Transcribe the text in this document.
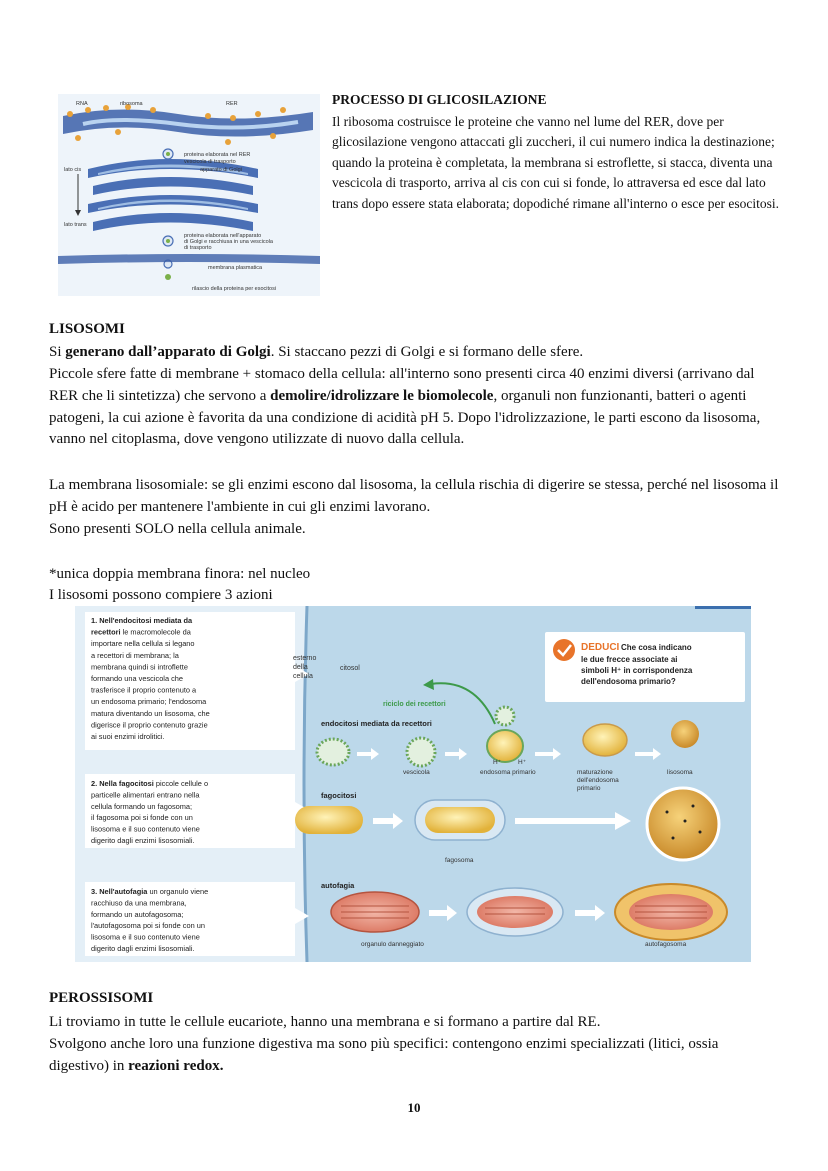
RNA	ribosoma	RER
proteina elaborata nel RER
vescicola di trasporto
apparato di Golgi
lato cis
lato trans
proteina elaborata nell'apparato
di Golgi e racchiusa in una vescicola
di trasporto
membrana plasmatica
rilascio della proteina per esocitosi
PROCESSO DI GLICOSILAZIONE
Il ribosoma costruisce le proteine che vanno nel lume del RER, dove per glicosilazione vengono attaccati gli zuccheri, il cui numero indica la destinazione; quando la proteina è completata, la membrana si estroflette, si stacca, diventa una vescicola di trasporto, arriva al cis con cui si fonde, lo attraversa ed esce dal lato trans dopo essere stata elaborata; dopodiché rimane all'interno o esce per esocitosi.
LISOSOMI
Si generano dall’apparato di Golgi. Si staccano pezzi di Golgi e si formano delle sfere.
Piccole sfere fatte di membrane + stomaco della cellula: all'interno sono presenti circa 40 enzimi diversi (arrivano dal RER che li sintetizza) che servono a demolire/idrolizzare le biomolecole, organuli non funzionanti, batteri o agenti patogeni, la cui azione è favorita da una condizione di acidità pH 5. Dopo l'idrolizzazione, le parti escono da lisosoma, vanno nel citoplasma, dove vengono utilizzate di nuovo dalla cellula.
La membrana lisosomiale: se gli enzimi escono dal lisosoma, la cellula rischia di digerire se stessa, perché nel lisosoma il pH è acido per mantenere l'ambiente in cui gli enzimi lavorano.
Sono presenti SOLO nella cellula animale.
*unica doppia membrana finora: nel nucleo
I lisosomi possono compiere 3 azioni
1. Nell'endocitosi mediata da
recettori le macromolecole da
importare nella cellula si legano
a recettori di membrana; la
membrana quindi si introflette
formando una vescicola che
trasferisce il proprio contenuto a
un endosoma primario; l'endosoma
matura diventando un lisosoma, che
digerisce il proprio contenuto grazie
ai suoi enzimi idrolitici.
2. Nella fagocitosi piccole cellule o
particelle alimentari entrano nella
cellula formando un fagosoma;
il fagosoma poi si fonde con un
lisosoma e il suo contenuto viene
digerito dagli enzimi lisosomiali.
3. Nell'autofagia un organulo viene
racchiuso da una membrana,
formando un autofagosoma;
l'autofagosoma poi si fonde con un
lisosoma e il suo contenuto viene
digerito dagli enzimi lisosomiali.
DEDUCI Che cosa indicano
le due frecce associate ai
simboli H⁺ in corrispondenza
dell'endosoma primario?
esterno
della
cellula
citosol
riciclo dei recettori
endocitosi mediata da recettori
H⁺	H⁺
vescicola	endosoma primario	maturazione
dell'endosoma
primario
lisosoma
fagocitosi
fagosoma
autofagia
organulo danneggiato	autofagosoma
PEROSSISOMI
Li troviamo in tutte le cellule eucariote, hanno una membrana e si formano a partire dal RE.
Svolgono anche loro una funzione digestiva ma sono più specifici: contengono enzimi specializzati (litici, ossia digestivo) in reazioni redox.
10
